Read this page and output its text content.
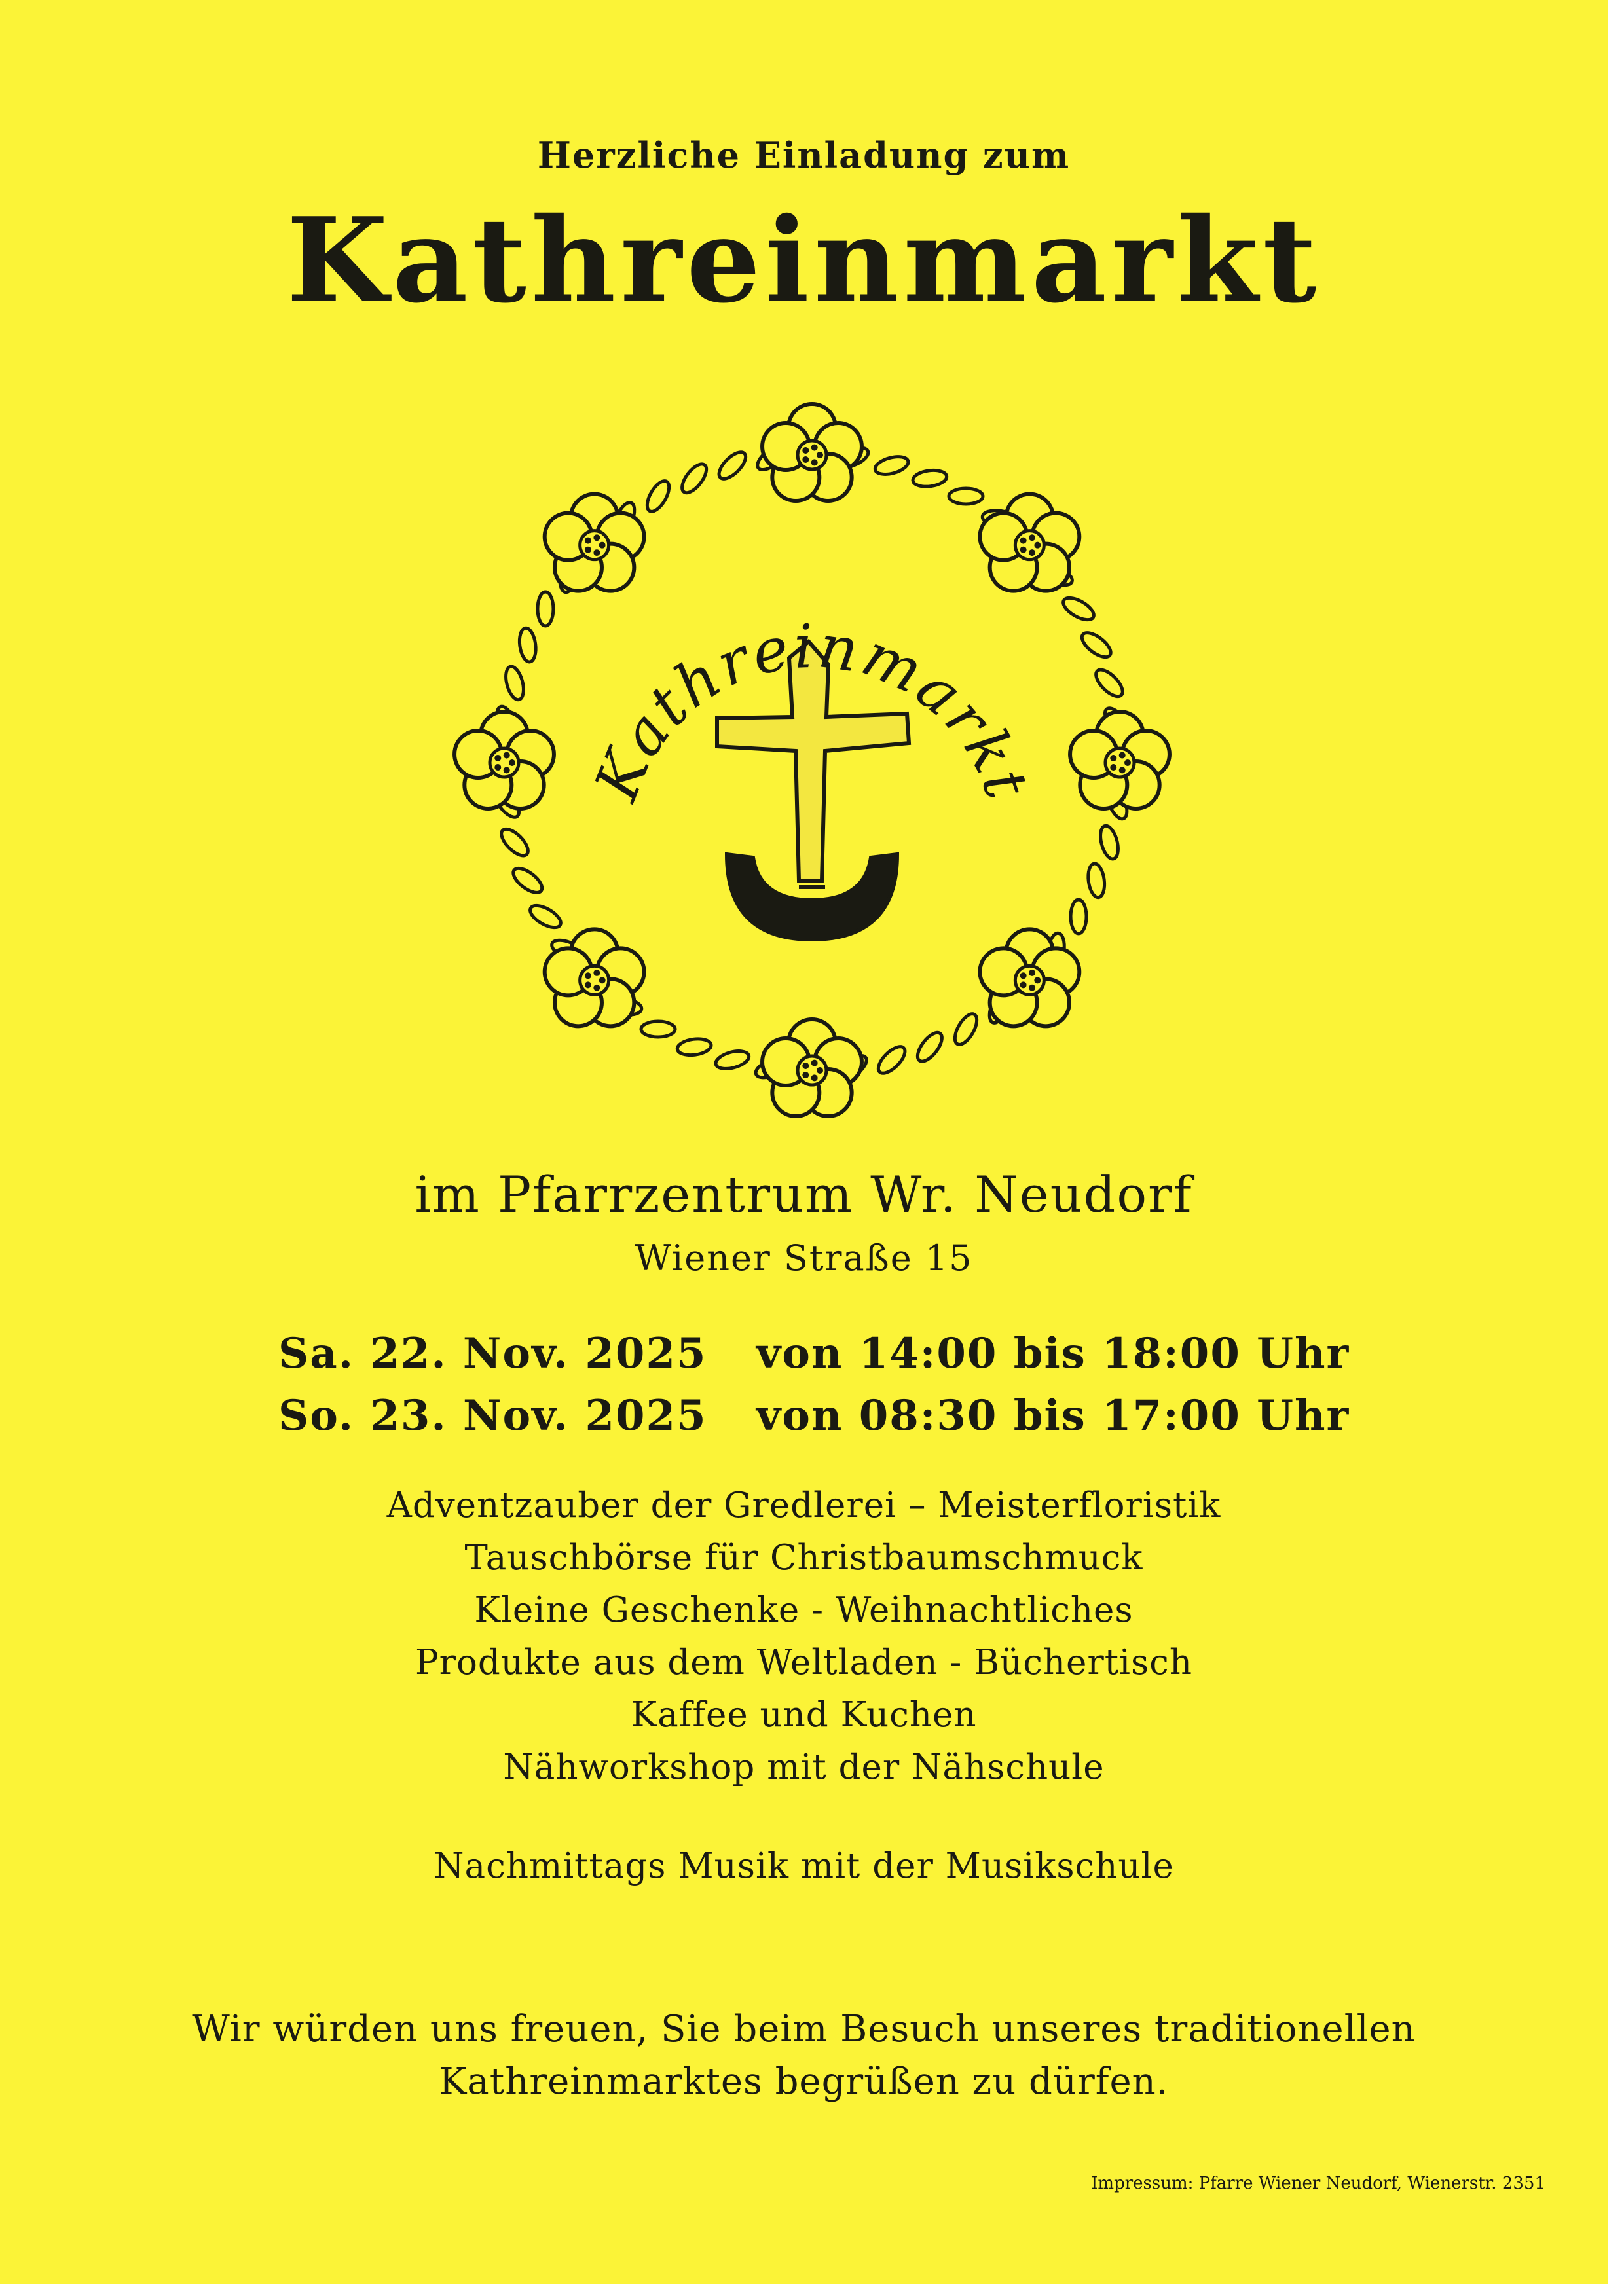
Herzliche Einladung zum
Kathreinmarkt
Kathreinmarkt
im Pfarrzentrum Wr. Neudorf
Wiener Straße 15
Sa. 22. Nov. 2025	von 14:00 bis 18:00 Uhr
So. 23. Nov. 2025	von 08:30 bis 17:00 Uhr
Adventzauber der Gredlerei – Meisterfloristik
Tauschbörse für Christbaumschmuck
Kleine Geschenke - Weihnachtliches
Produkte aus dem Weltladen - Büchertisch
Kaffee und Kuchen
Nähworkshop mit der Nähschule
Nachmittags Musik mit der Musikschule
Wir würden uns freuen, Sie beim Besuch unseres traditionellen
Kathreinmarktes begrüßen zu dürfen.
Impressum: Pfarre Wiener Neudorf, Wienerstr. 2351
